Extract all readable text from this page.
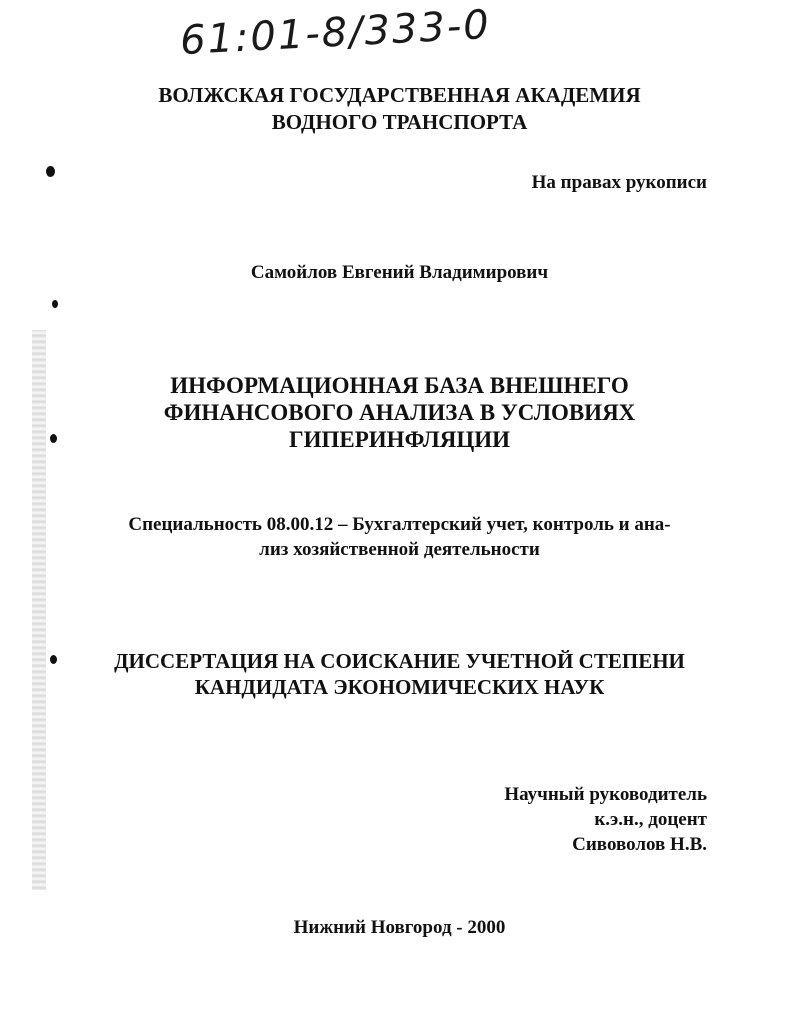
61:01-8/333-0
ВОЛЖСКАЯ ГОСУДАРСТВЕННАЯ АКАДЕМИЯ
ВОДНОГО ТРАНСПОРТА
На правах рукописи
Самойлов Евгений Владимирович
ИНФОРМАЦИОННАЯ БАЗА ВНЕШНЕГО
ФИНАНСОВОГО АНАЛИЗА В УСЛОВИЯХ
ГИПЕРИНФЛЯЦИИ
Специальность 08.00.12 – Бухгалтерский учет, контроль и ана-
лиз хозяйственной деятельности
ДИССЕРТАЦИЯ НА СОИСКАНИЕ УЧЕТНОЙ СТЕПЕНИ
КАНДИДАТА ЭКОНОМИЧЕСКИХ НАУК
Научный руководитель
к.э.н., доцент
Сивоволов Н.В.
Нижний Новгород - 2000
